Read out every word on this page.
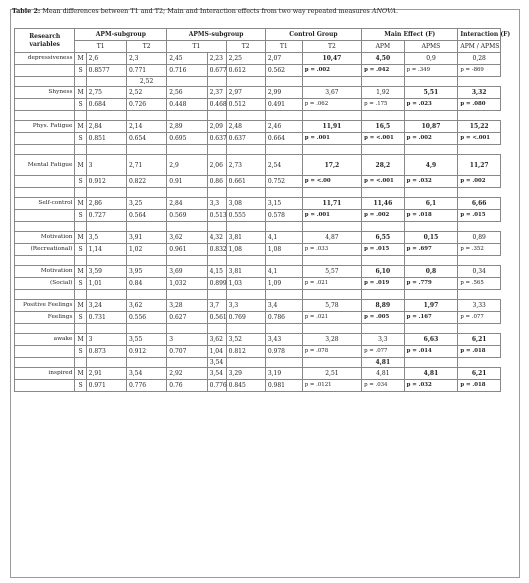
Table 2: Mean differences between T1 and T2; Main and Interaction effects from two way repeated measures ANOVA.
Research variables	APM-subgroup			APMS-subgroup			Control Group		Main Effect (F)		Interaction (F)
	T1		T2	T1		T2	T1	T2	APM	APMS	APM / APMS
depressiveness	M	2,6	2,3	2,45	2,23	2,25	2,07	10,47	4,50	0,9	0,28
	S	0.8577	0.771	0.716	0.677	0.612	0.562	p = .002	p = .042	p = .349	p = -869
			2,52								
Shyness	M	2,75	2,52	2,56	2,37	2,97	2,99	3,67	1,92	5,51	3,32
	S	0.684	0.726	0.448	0.468	0.512	0.491	p = .062	p = .175	p = .023	p = .080

Phys. Fatigue	M	2,84	2,14	2,89	2,09	2,48	2,46	11,91	16,5	10,87	15,22
	S	0.851	0.654	0.695	0.637	0.637	0.664	p = .001	p = <.001	p = .002	p = <.001

Mental Fatigue	M	3	2,71	2,9	2,06	2,73	2,54	17,2	28,2	4,9	11,27
	S	0.912	0.822	0.91	0.86	0.661	0.752	p = <.00	p = <.001	p = .032	p = .002

Self-control	M	2,86	3,25	2,84	3,3	3,08	3,15	11,71	11,46	6,1	6,66
	S	0.727	0.564	0.569	0.513	0.555	0.578	p = .001	p = .002	p = .018	p = .015

Motivation	M	3,5	3,91	3,62	4,32	3,81	4,1	4,87	6,55	0,15	0,89
(Recreational)	S	1,14	1,02	0.961	0.832	1,08	1,08	p = .033	p = .015	p = .697	p = .352

Motivation	M	3,59	3,95	3,69	4,15	3,81	4,1	5,57	6,10	0,8	0,34
(Social)	S	1,01	0.84	1,032	0.899	1,03	1,09	p = .021	p = .019	p = .779	p = .565

Positive Feelings	M	3,24	3,62	3,28	3,7	3,3	3,4	5,78	8,89	1,97	3,33
Feelings	S	0.731	0.556	0.627	0.561	0.769	0.786	p = .021	p = .005	p = .167	p = .077

awake	M	3	3,55	3	3,62	3,52	3,43	3,28	3,3	6,63	6,21
	S	0.873	0.912	0.707	1,04	0.812	0.978	p = .078	p = .077	p = .014	p = .018
					3,54				4,81		
inspired	M	2,91	3,54	2,92	3,54	3,29	3,19	2,51	4,81	4,81	6,21
	S	0.971	0.776	0.76	0.776	0.845	0.981	p = .0121	p = .034	p = .032	p = .018
